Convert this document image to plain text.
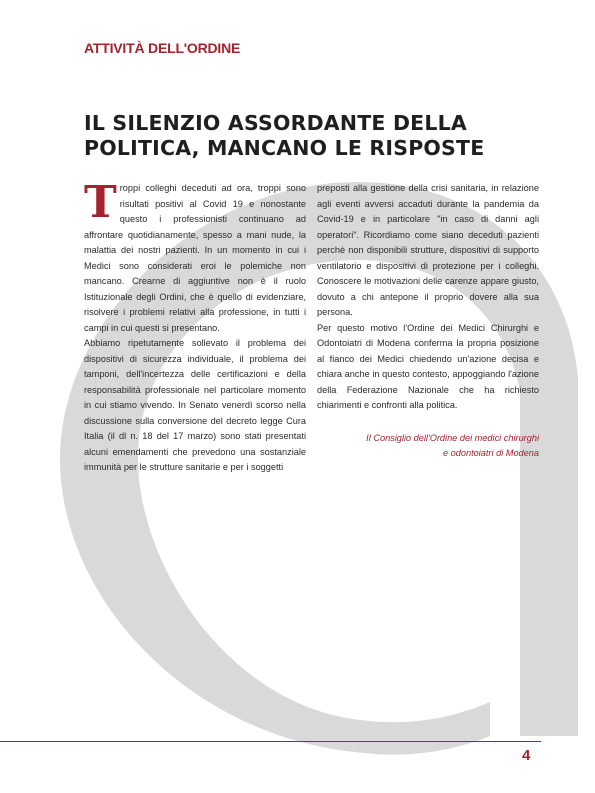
ATTIVITÀ DELL'ORDINE
IL SILENZIO ASSORDANTE DELLA POLITICA, MANCANO LE RISPOSTE

Troppi colleghi deceduti ad ora, troppi sono risultati positivi al Covid 19 e nonostante questo i professionisti continuano ad affrontare quotidianamente, spesso a mani nude, la malattia dei nostri pazienti. In un momento in cui i Medici sono considerati eroi le polemiche non mancano. Crearne di aggiuntive non è il ruolo Istituzionale degli Ordini, che è quello di evidenziare, risolvere i problemi relativi alla professione, in tutti i campi in cui questi si presentano.

Abbiamo ripetutamente sollevato il problema dei dispositivi di sicurezza individuale, il problema dei tamponi, dell'incertezza delle certificazioni e della responsabilità professionale nel particolare momento in cui stiamo vivendo. In Senato venerdì scorso nella discussione sulla conversione del decreto legge Cura Italia (il dl n. 18 del 17 marzo) sono stati presentati alcuni emendamenti che prevedono una sostanziale immunità per le strutture sanitarie e per i soggetti

preposti alla gestione della crisi sanitaria, in relazione agli eventi avversi accaduti durante la pandemia da Covid-19 e in particolare "in caso di danni agli operatori". Ricordiamo come siano deceduti pazienti perchè non disponibili strutture, dispositivi di supporto ventilatorio e dispositivi di protezione per i colleghi. Conoscere le motivazioni delle carenze appare giusto, dovuto a chi antepone il proprio dovere alla sua persona.

Per questo motivo l'Ordine dei Medici Chirurghi e Odontoiatri di Modena conferma la propria posizione al fianco dei Medici chiedendo un'azione decisa e chiara anche in questo contesto, appoggiando l'azione della Federazione Nazionale che ha richiesto chiarimenti e confronti alla politica.

Il Consiglio dell'Ordine dei medici chirurghi
e odontoiatri di Modena

4
